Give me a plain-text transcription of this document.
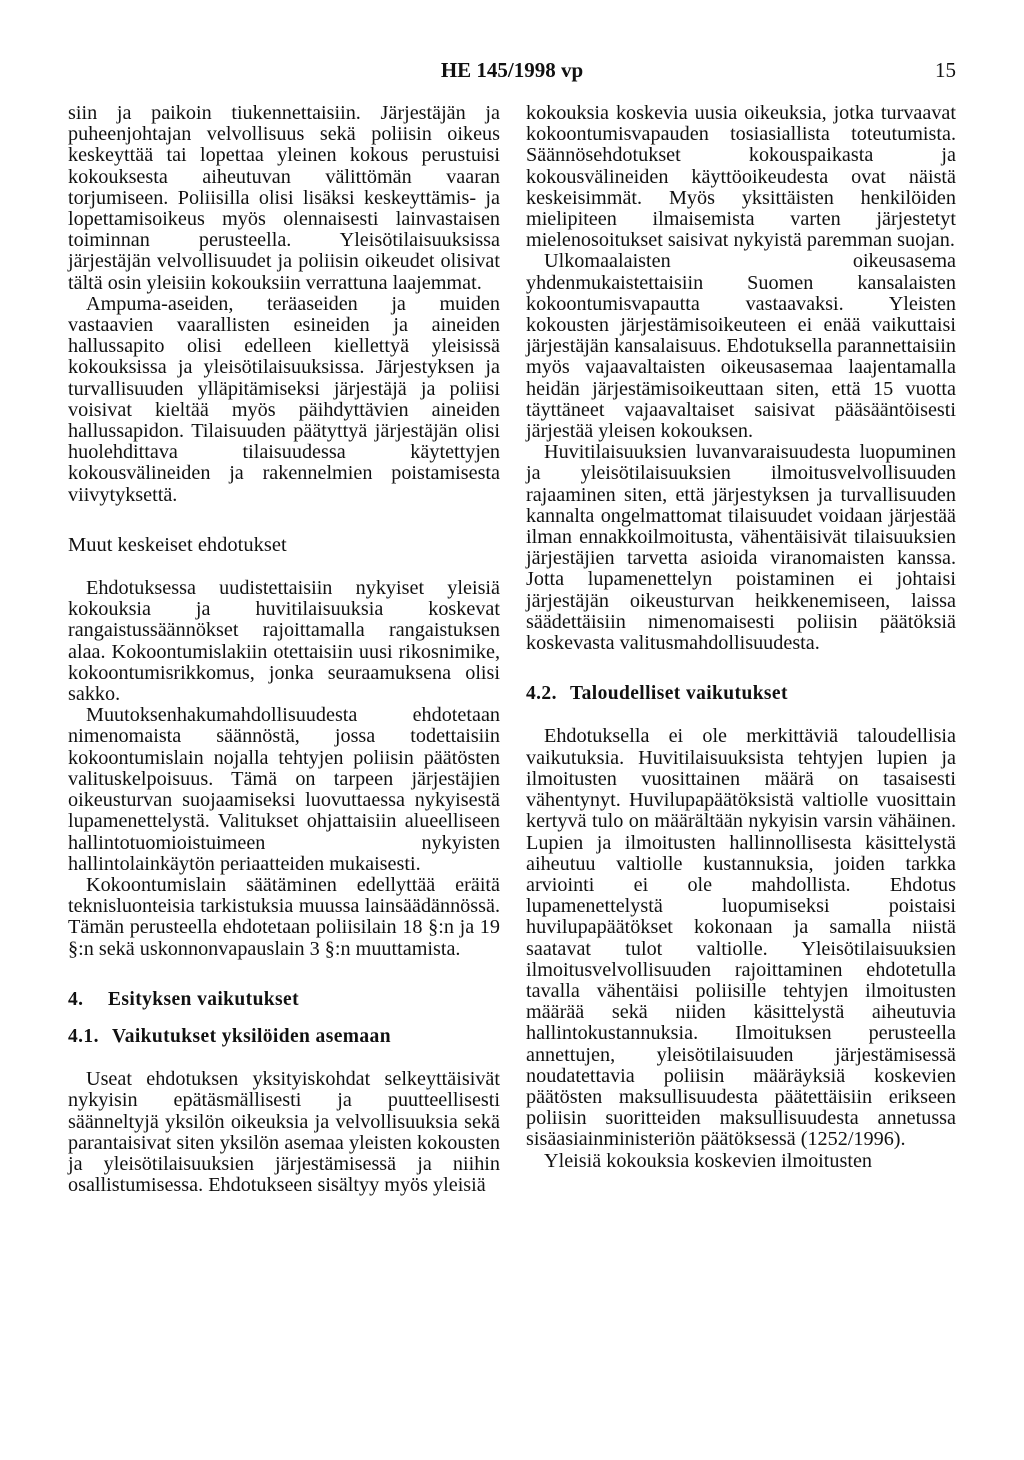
HE 145/1998 vp	15

siin ja paikoin tiukennettaisiin. Järjestäjän ja puheenjohtajan velvollisuus sekä poliisin oikeus keskeyttää tai lopettaa yleinen kokous perustuisi kokouksesta aiheutuvan välittömän vaaran torjumiseen. Poliisilla olisi lisäksi keskeyttämis- ja lopettamisoikeus myös olennaisesti lainvastaisen toiminnan perusteella. Yleisötilaisuuksissa järjestäjän velvollisuudet ja poliisin oikeudet olisivat tältä osin yleisiin kokouksiin verrattuna laajemmat.

Ampuma-aseiden, teräaseiden ja muiden vastaavien vaarallisten esineiden ja aineiden hallussapito olisi edelleen kiellettyä yleisissä kokouksissa ja yleisötilaisuuksissa. Järjestyksen ja turvallisuuden ylläpitämiseksi järjestäjä ja poliisi voisivat kieltää myös päihdyttävien aineiden hallussapidon. Tilaisuuden päätyttyä järjestäjän olisi huolehdittava tilaisuudessa käytettyjen kokousvälineiden ja rakennelmien poistamisesta viivytyksettä.

Muut keskeiset ehdotukset

Ehdotuksessa uudistettaisiin nykyiset yleisiä kokouksia ja huvitilaisuuksia koskevat rangaistussäännökset rajoittamalla rangaistuksen alaa. Kokoontumislakiin otettaisiin uusi rikosnimike, kokoontumisrikkomus, jonka seuraamuksena olisi sakko.

Muutoksenhakumahdollisuudesta ehdotetaan nimenomaista säännöstä, jossa todettaisiin kokoontumislain nojalla tehtyjen poliisin päätösten valituskelpoisuus. Tämä on tarpeen järjestäjien oikeusturvan suojaamiseksi luovuttaessa nykyisestä lupamenettelystä. Valitukset ohjattaisiin alueelliseen hallintotuomioistuimeen nykyisten hallintolainkäytön periaatteiden mukaisesti.

Kokoontumislain säätäminen edellyttää eräitä teknisluonteisia tarkistuksia muussa lainsäädännössä. Tämän perusteella ehdotetaan poliisilain 18 §:n ja 19 §:n sekä uskonnonvapauslain 3 §:n muuttamista.

4. Esityksen vaikutukset
4.1. Vaikutukset yksilöiden asemaan

Useat ehdotuksen yksityiskohdat selkeyttäisivät nykyisin epätäsmällisesti ja puutteellisesti säänneltyjä yksilön oikeuksia ja velvollisuuksia sekä parantaisivat siten yksilön asemaa yleisten kokousten ja yleisötilaisuuksien järjestämisessä ja niihin osallistumisessa. Ehdotukseen sisältyy myös yleisiä

kokouksia koskevia uusia oikeuksia, jotka turvaavat kokoontumisvapauden tosiasiallista toteutumista. Säännösehdotukset kokouspaikasta ja kokousvälineiden käyttöoikeudesta ovat näistä keskeisimmät. Myös yksittäisten henkilöiden mielipiteen ilmaisemista varten järjestetyt mielenosoitukset saisivat nykyistä paremman suojan.

Ulkomaalaisten oikeusasema yhdenmukaistettaisiin Suomen kansalaisten kokoontumisvapautta vastaavaksi. Yleisten kokousten järjestämisoikeuteen ei enää vaikuttaisi järjestäjän kansalaisuus. Ehdotuksella parannettaisiin myös vajaavaltaisten oikeusasemaa laajentamalla heidän järjestämisoikeuttaan siten, että 15 vuotta täyttäneet vajaavaltaiset saisivat pääsääntöisesti järjestää yleisen kokouksen.

Huvitilaisuuksien luvanvaraisuudesta luopuminen ja yleisötilaisuuksien ilmoitusvelvollisuuden rajaaminen siten, että järjestyksen ja turvallisuuden kannalta ongelmattomat tilaisuudet voidaan järjestää ilman ennakkoilmoitusta, vähentäisivät tilaisuuksien järjestäjien tarvetta asioida viranomaisten kanssa. Jotta lupamenettelyn poistaminen ei johtaisi järjestäjän oikeusturvan heikkenemiseen, laissa säädettäisiin nimenomaisesti poliisin päätöksiä koskevasta valitusmahdollisuudesta.

4.2. Taloudelliset vaikutukset

Ehdotuksella ei ole merkittäviä taloudellisia vaikutuksia. Huvitilaisuuksista tehtyjen lupien ja ilmoitusten vuosittainen määrä on tasaisesti vähentynyt. Huvilupapäätöksistä valtiolle vuosittain kertyvä tulo on määrältään nykyisin varsin vähäinen. Lupien ja ilmoitusten hallinnollisesta käsittelystä aiheutuu valtiolle kustannuksia, joiden tarkka arviointi ei ole mahdollista. Ehdotus lupamenettelystä luopumiseksi poistaisi huvilupapäätökset kokonaan ja samalla niistä saatavat tulot valtiolle. Yleisötilaisuuksien ilmoitusvelvollisuuden rajoittaminen ehdotetulla tavalla vähentäisi poliisille tehtyjen ilmoitusten määrää sekä niiden käsittelystä aiheutuvia hallintokustannuksia. Ilmoituksen perusteella annettujen, yleisötilaisuuden järjestämisessä noudatettavia poliisin määräyksiä koskevien päätösten maksullisuudesta päätettäisiin erikseen poliisin suoritteiden maksullisuudesta annetussa sisäasiainministeriön päätöksessä (1252/1996).

Yleisiä kokouksia koskevien ilmoitusten
